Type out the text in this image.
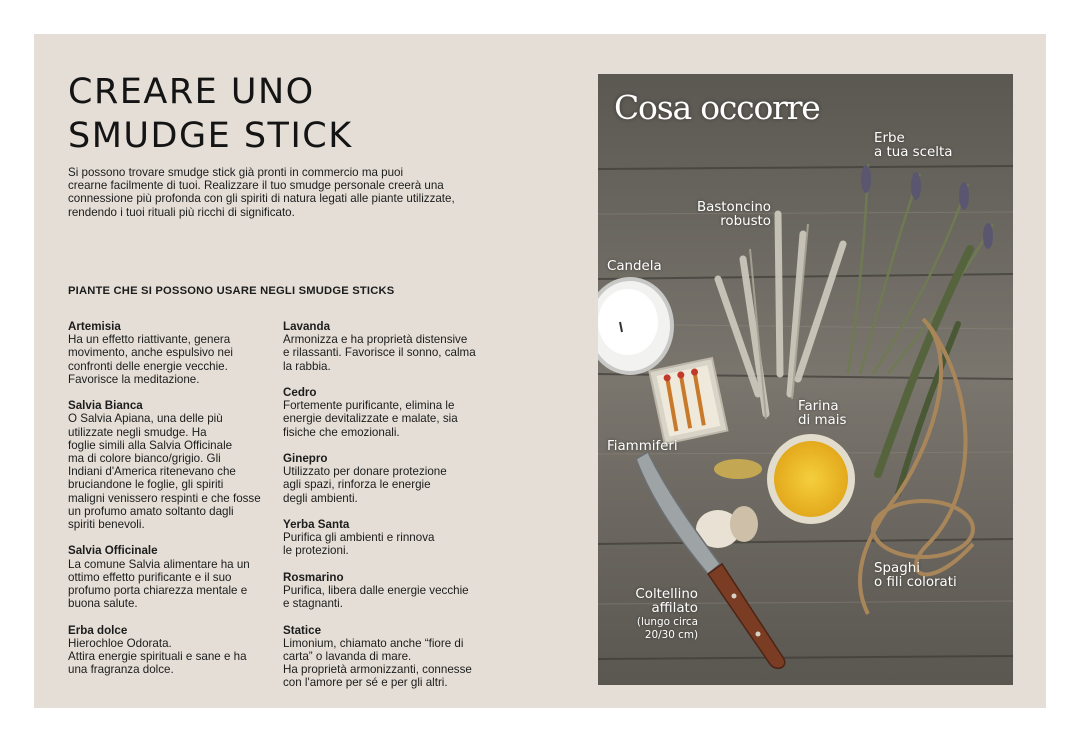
CREARE UNO
SMUDGE STICK
Si possono trovare smudge stick già pronti in commercio ma puoi
crearne facilmente di tuoi. Realizzare il tuo smudge personale creerà una
connessione più profonda con gli spiriti di natura legati alle piante utilizzate,
rendendo i tuoi rituali più ricchi di significato.
PIANTE CHE SI POSSONO USARE NEGLI SMUDGE STICKS
Artemisia
Ha un effetto riattivante, genera
movimento, anche espulsivo nei
confronti delle energie vecchie.
Favorisce la meditazione.
Salvia Bianca
O Salvia Apiana, una delle più
utilizzate negli smudge. Ha
foglie simili alla Salvia Officinale
ma di colore bianco/grigio. Gli
Indiani d'America ritenevano che
bruciandone le foglie, gli spiriti
maligni venissero respinti e che fosse
un profumo amato soltanto dagli
spiriti benevoli.
Salvia Officinale
La comune Salvia alimentare ha un
ottimo effetto purificante e il suo
profumo porta chiarezza mentale e
buona salute.
Erba dolce
Hierochloe Odorata.
Attira energie spirituali e sane e ha
una fragranza dolce.
Lavanda
Armonizza e ha proprietà distensive
e rilassanti. Favorisce il sonno, calma
la rabbia.
Cedro
Fortemente purificante, elimina le
energie devitalizzate e malate, sia
fisiche che emozionali.
Ginepro
Utilizzato per donare protezione
agli spazi, rinforza le energie
degli ambienti.
Yerba Santa
Purifica gli ambienti e rinnova
le protezioni.
Rosmarino
Purifica, libera dalle energie vecchie
e stagnanti.
Statice
Limonium, chiamato anche “fiore di
carta” o lavanda di mare.
Ha proprietà armonizzanti, connesse
con l'amore per sé e per gli altri.
Cosa occorre
Erbe
a tua scelta
Bastoncino
robusto
Candela
Farina
di mais
Fiammiferi
Spaghi
o fili colorati
Coltellino
affilato
(lungo circa
20/30 cm)
